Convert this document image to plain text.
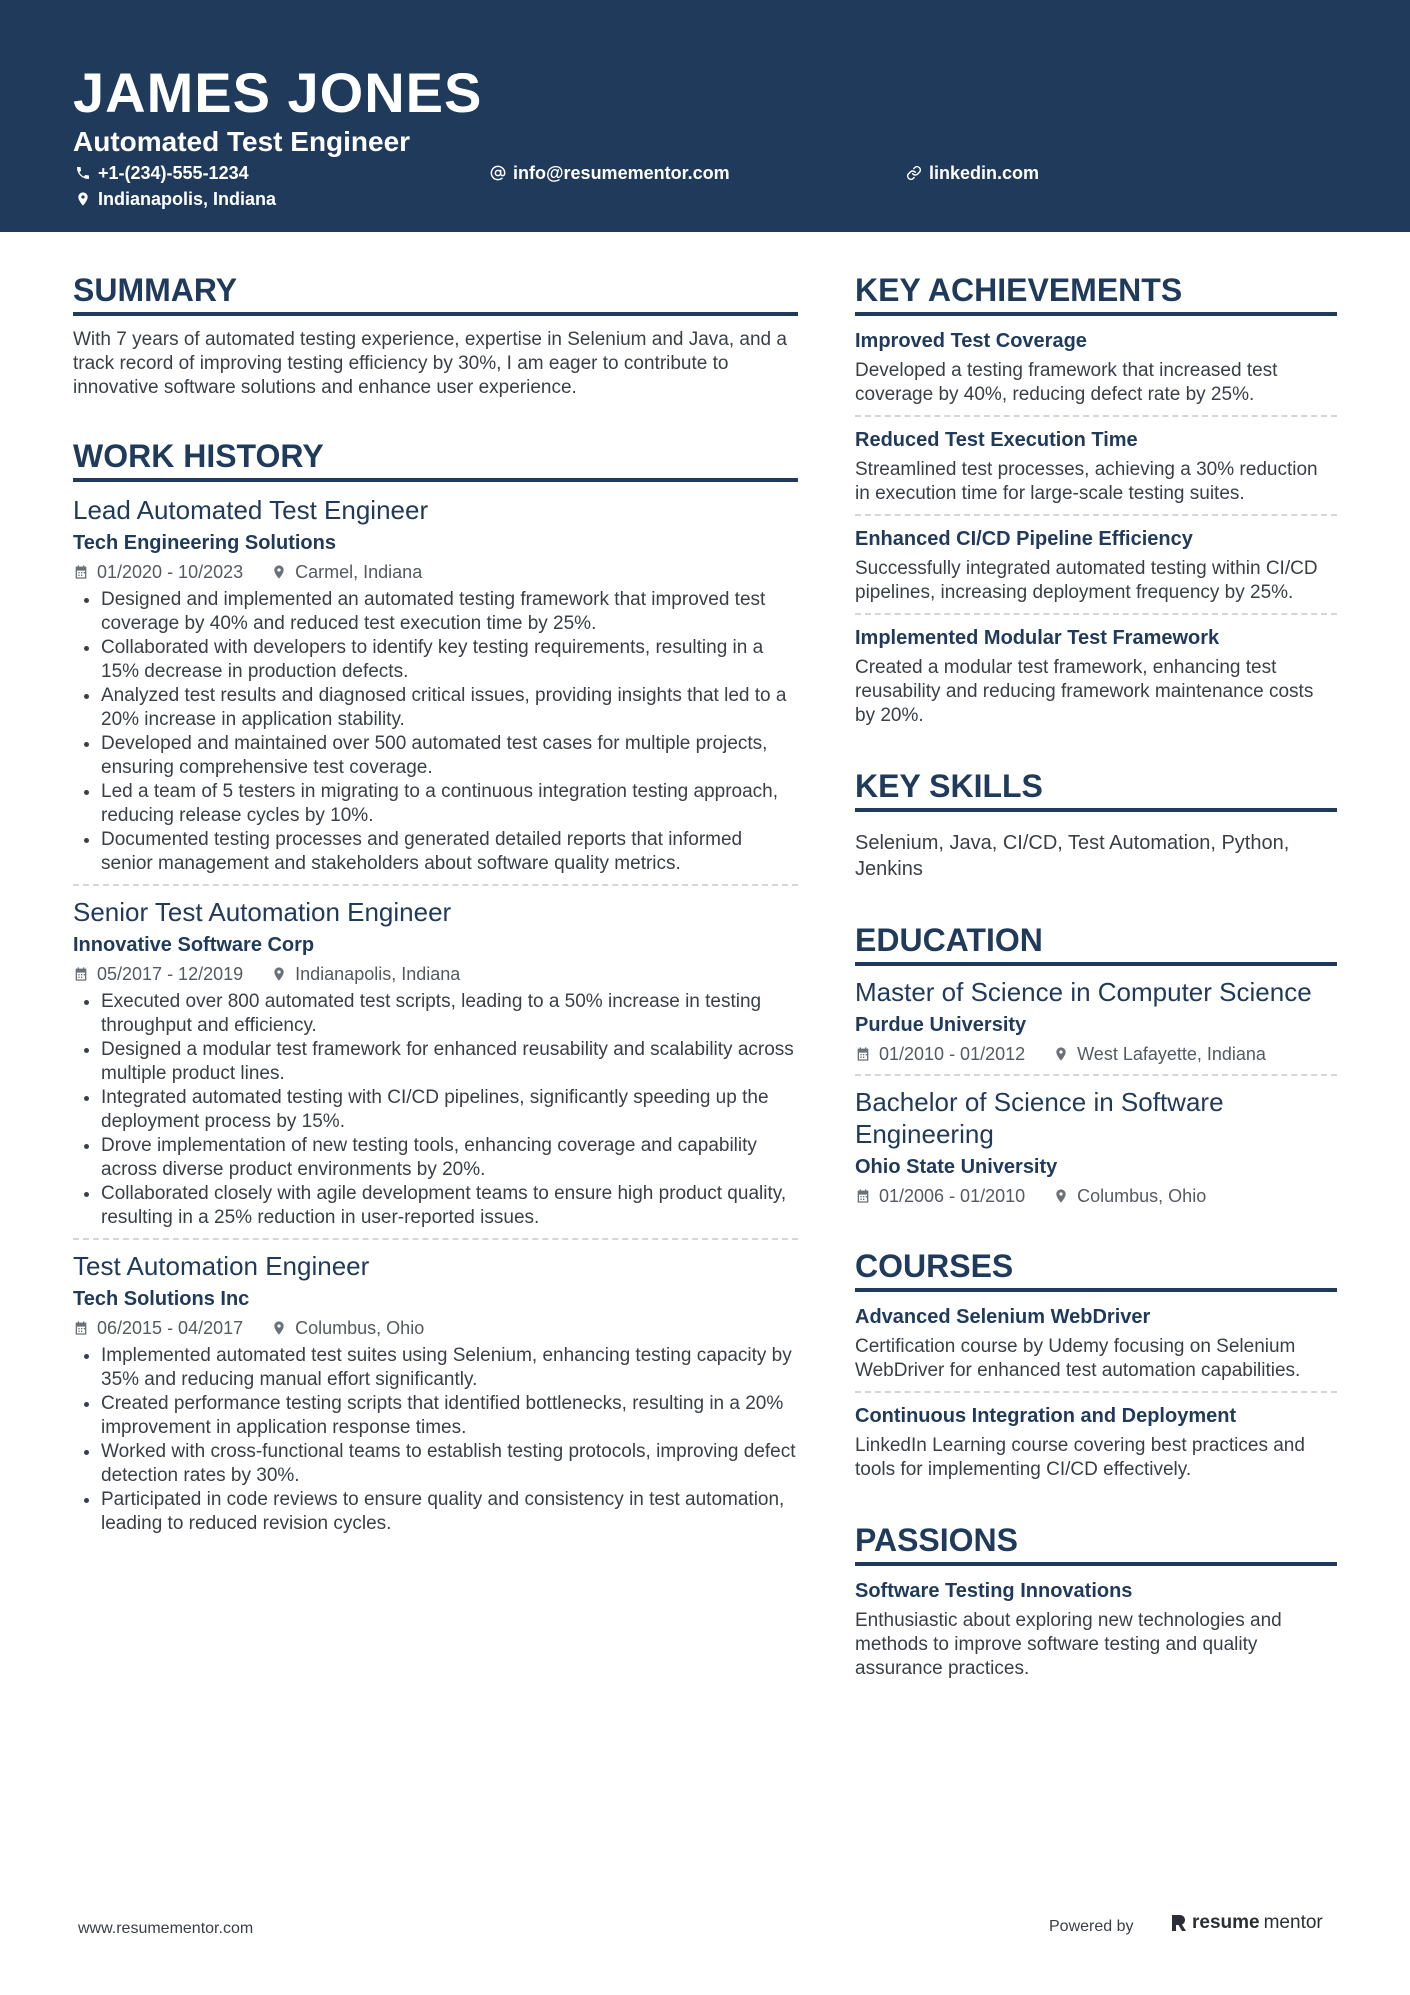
JAMES JONES
Automated Test Engineer
+1-(234)-555-1234	info@resumementor.com	linkedin.com
Indianapolis, Indiana
SUMMARY

With 7 years of automated testing experience, expertise in Selenium and Java, and a track record of improving testing efficiency by 30%, I am eager to contribute to innovative software solutions and enhance user experience.

WORK HISTORY
Lead Automated Test Engineer
Tech Engineering Solutions
01/2020 - 10/2023	Carmel, Indiana
• Designed and implemented an automated testing framework that improved test coverage by 40% and reduced test execution time by 25%.
• Collaborated with developers to identify key testing requirements, resulting in a 15% decrease in production defects.
• Analyzed test results and diagnosed critical issues, providing insights that led to a 20% increase in application stability.
• Developed and maintained over 500 automated test cases for multiple projects, ensuring comprehensive test coverage.
• Led a team of 5 testers in migrating to a continuous integration testing approach, reducing release cycles by 10%.
• Documented testing processes and generated detailed reports that informed senior management and stakeholders about software quality metrics.
Senior Test Automation Engineer
Innovative Software Corp
05/2017 - 12/2019	Indianapolis, Indiana
• Executed over 800 automated test scripts, leading to a 50% increase in testing throughput and efficiency.
• Designed a modular test framework for enhanced reusability and scalability across multiple product lines.
• Integrated automated testing with CI/CD pipelines, significantly speeding up the deployment process by 15%.
• Drove implementation of new testing tools, enhancing coverage and capability across diverse product environments by 20%.
• Collaborated closely with agile development teams to ensure high product quality, resulting in a 25% reduction in user-reported issues.
Test Automation Engineer
Tech Solutions Inc
06/2015 - 04/2017	Columbus, Ohio
• Implemented automated test suites using Selenium, enhancing testing capacity by 35% and reducing manual effort significantly.
• Created performance testing scripts that identified bottlenecks, resulting in a 20% improvement in application response times.
• Worked with cross-functional teams to establish testing protocols, improving defect detection rates by 30%.
• Participated in code reviews to ensure quality and consistency in test automation, leading to reduced revision cycles.
KEY ACHIEVEMENTS
Improved Test Coverage
Developed a testing framework that increased test coverage by 40%, reducing defect rate by 25%.
Reduced Test Execution Time
Streamlined test processes, achieving a 30% reduction in execution time for large-scale testing suites.
Enhanced CI/CD Pipeline Efficiency
Successfully integrated automated testing within CI/CD pipelines, increasing deployment frequency by 25%.
Implemented Modular Test Framework
Created a modular test framework, enhancing test reusability and reducing framework maintenance costs by 20%.
KEY SKILLS

Selenium, Java, CI/CD, Test Automation, Python, Jenkins

EDUCATION
Master of Science in Computer Science
Purdue University
01/2010 - 01/2012	West Lafayette, Indiana
Bachelor of Science in Software Engineering
Ohio State University
01/2006 - 01/2010	Columbus, Ohio
COURSES
Advanced Selenium WebDriver
Certification course by Udemy focusing on Selenium WebDriver for enhanced test automation capabilities.
Continuous Integration and Deployment
LinkedIn Learning course covering best practices and tools for implementing CI/CD effectively.
PASSIONS
Software Testing Innovations
Enthusiastic about exploring new technologies and methods to improve software testing and quality assurance practices.
www.resumementor.com	Powered by	resume mentor
